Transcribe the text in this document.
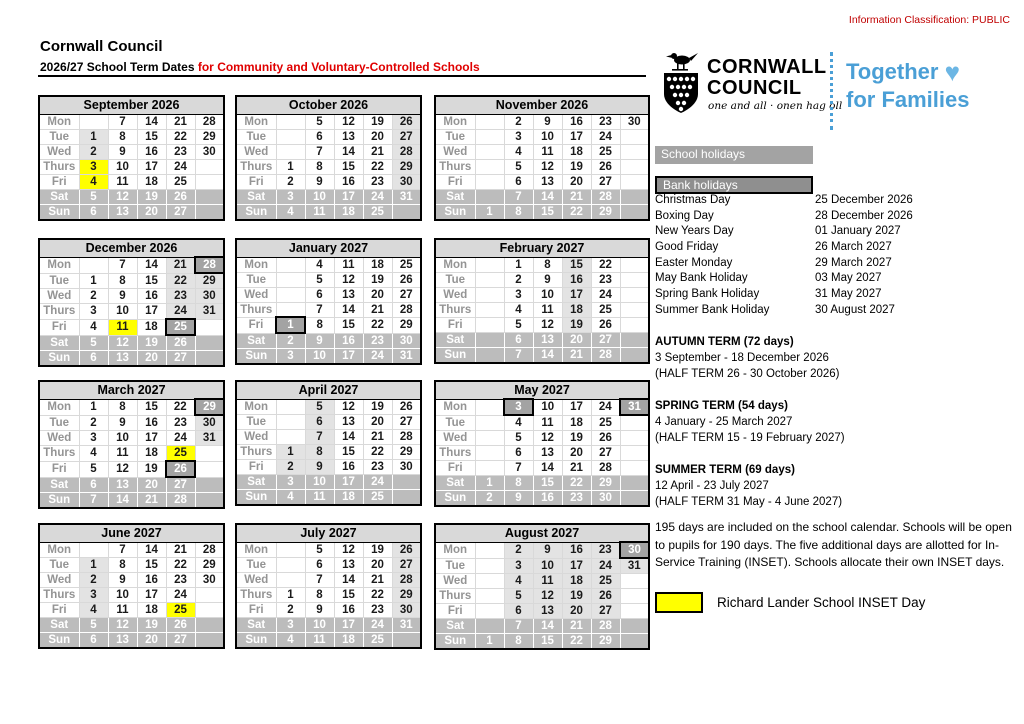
Information Classification: PUBLIC
Cornwall Council
2026/27 School Term Dates for Community and Voluntary-Controlled Schools
September 2026					
Mon		7	14	21	28
Tue	1	8	15	22	29
Wed	2	9	16	23	30
Thurs	3	10	17	24	
Fri	4	11	18	25	
Sat	5	12	19	26	
Sun	6	13	20	27	
October 2026					
Mon		5	12	19	26
Tue		6	13	20	27
Wed		7	14	21	28
Thurs	1	8	15	22	29
Fri	2	9	16	23	30
Sat	3	10	17	24	31
Sun	4	11	18	25	
November 2026						
Mon		2	9	16	23	30
Tue		3	10	17	24	
Wed		4	11	18	25	
Thurs		5	12	19	26	
Fri		6	13	20	27	
Sat		7	14	21	28	
Sun	1	8	15	22	29	
December 2026					
Mon		7	14	21	28
Tue	1	8	15	22	29
Wed	2	9	16	23	30
Thurs	3	10	17	24	31
Fri	4	11	18	25	
Sat	5	12	19	26	
Sun	6	13	20	27	
January 2027					
Mon		4	11	18	25
Tue		5	12	19	26
Wed		6	13	20	27
Thurs		7	14	21	28
Fri	1	8	15	22	29
Sat	2	9	16	23	30
Sun	3	10	17	24	31
February 2027						
Mon		1	8	15	22	
Tue		2	9	16	23	
Wed		3	10	17	24	
Thurs		4	11	18	25	
Fri		5	12	19	26	
Sat		6	13	20	27	
Sun		7	14	21	28	
March 2027					
Mon	1	8	15	22	29
Tue	2	9	16	23	30
Wed	3	10	17	24	31
Thurs	4	11	18	25	
Fri	5	12	19	26	
Sat	6	13	20	27	
Sun	7	14	21	28	
April 2027					
Mon		5	12	19	26
Tue		6	13	20	27
Wed		7	14	21	28
Thurs	1	8	15	22	29
Fri	2	9	16	23	30
Sat	3	10	17	24	
Sun	4	11	18	25	
May 2027						
Mon		3	10	17	24	31
Tue		4	11	18	25	
Wed		5	12	19	26	
Thurs		6	13	20	27	
Fri		7	14	21	28	
Sat	1	8	15	22	29	
Sun	2	9	16	23	30	
June 2027					
Mon		7	14	21	28
Tue	1	8	15	22	29
Wed	2	9	16	23	30
Thurs	3	10	17	24	
Fri	4	11	18	25	
Sat	5	12	19	26	
Sun	6	13	20	27	
July 2027					
Mon		5	12	19	26
Tue		6	13	20	27
Wed		7	14	21	28
Thurs	1	8	15	22	29
Fri	2	9	16	23	30
Sat	3	10	17	24	31
Sun	4	11	18	25	
August 2027						
Mon		2	9	16	23	30
Tue		3	10	17	24	31
Wed		4	11	18	25	
Thurs		5	12	19	26	
Fri		6	13	20	27	
Sat		7	14	21	28	
Sun	1	8	15	22	29	
CORNWALL
COUNCIL
one and all · onen hag oll
Together ♥
for Families
School holidays
Bank holidays
Christmas Day	25 December 2026
Boxing Day	28 December 2026
New Years Day	01 January 2027
Good Friday	26 March 2027
Easter Monday	29 March 2027
May Bank Holiday	03 May 2027
Spring Bank Holiday	31 May 2027
Summer Bank Holiday	30 August 2027
AUTUMN TERM (72 days)
3 September - 18 December 2026
(HALF TERM 26 - 30 October 2026)
SPRING TERM (54 days)
4 January - 25 March 2027
(HALF TERM 15 - 19 February 2027)
SUMMER TERM (69 days)
12 April - 23 July 2027
(HALF TERM 31 May - 4 June 2027)
195 days are included on the school calendar. Schools will be open to pupils for 190 days. The five additional days are allotted for In-Service Training (INSET). Schools allocate their own INSET days.
Richard Lander School INSET Day
